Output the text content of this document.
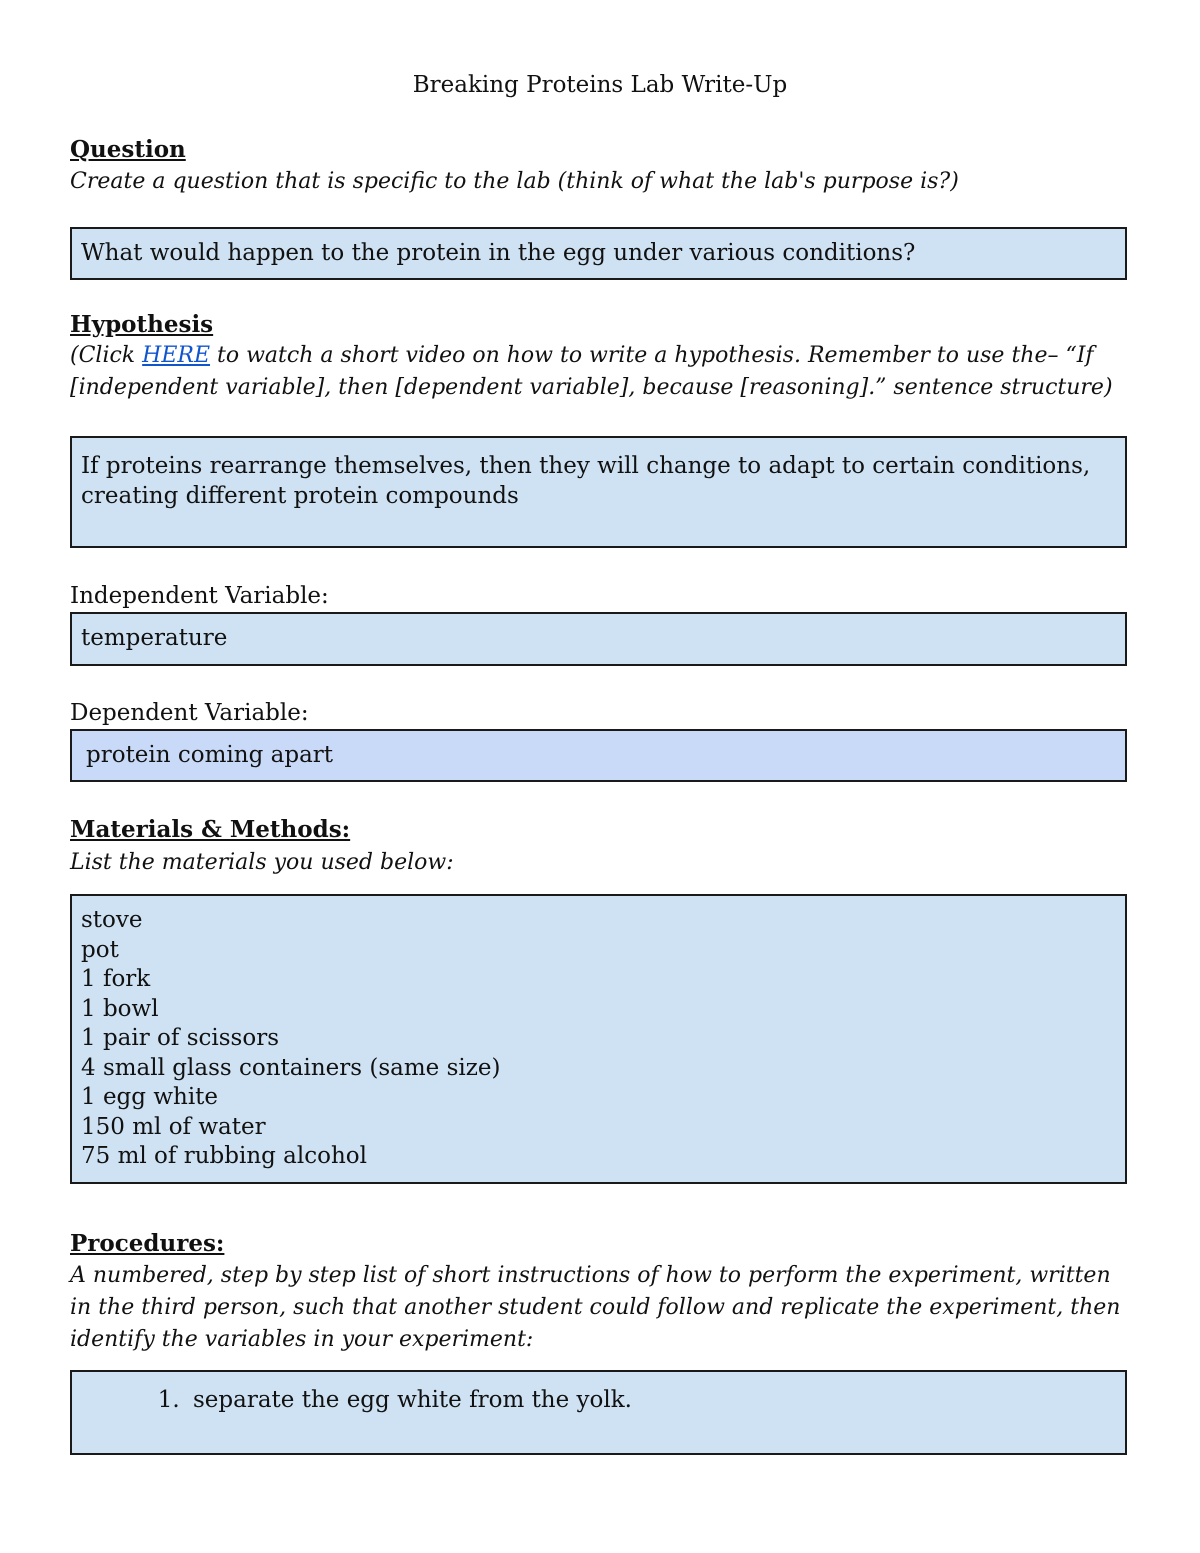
Breaking Proteins Lab Write-Up
Question
Create a question that is specific to the lab (think of what the lab's purpose is?)
What would happen to the protein in the egg under various conditions?
Hypothesis
(Click HERE to watch a short video on how to write a hypothesis. Remember to use the– “If [independent variable], then [dependent variable], because [reasoning].” sentence structure)
If proteins rearrange themselves, then they will change to adapt to certain conditions, creating different protein compounds
Independent Variable:
temperature
Dependent Variable:
protein coming apart
Materials & Methods:
List the materials you used below:
stove
pot
1 fork
1 bowl
1 pair of scissors
4 small glass containers (same size)
1 egg white
150 ml of water
75 ml of rubbing alcohol
Procedures:
A numbered, step by step list of short instructions of how to perform the experiment, written in the third person, such that another student could follow and replicate the experiment, then identify the variables in your experiment:
1. separate the egg white from the yolk.
